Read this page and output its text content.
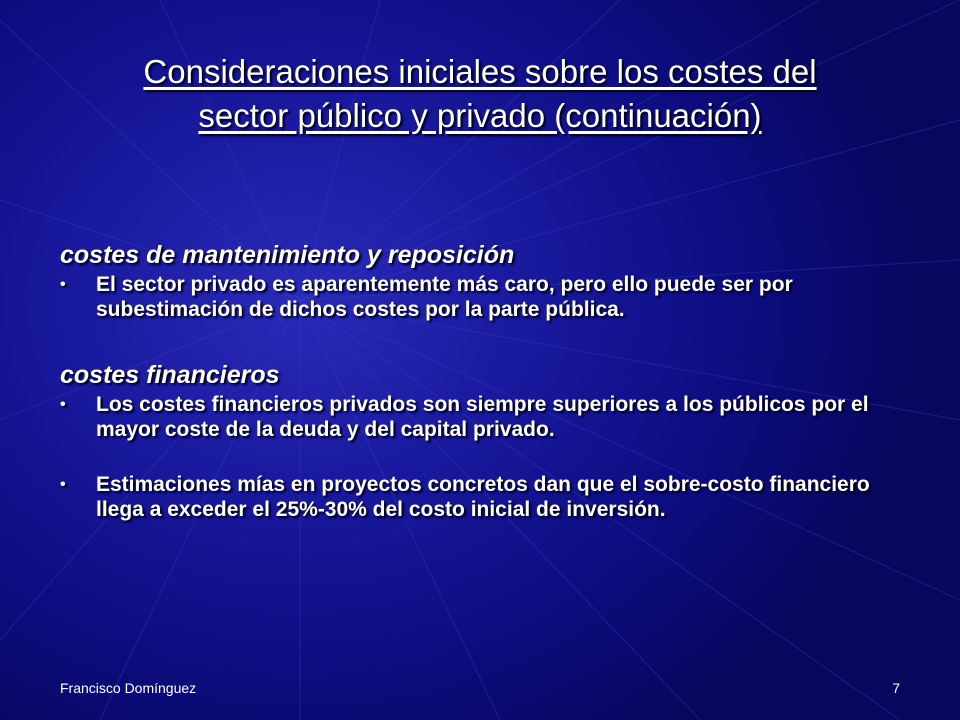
Consideraciones iniciales sobre los costes del
sector público y privado (continuación)

costes de mantenimiento y reposición

• El sector privado es aparentemente más caro, pero ello puede ser por subestimación de dichos costes por la parte pública.

costes financieros

• Los costes financieros privados son siempre superiores a los públicos por el mayor coste de la deuda y del capital privado.
• Estimaciones mías en proyectos concretos dan que el sobre-costo financiero llega a exceder el 25%-30% del costo inicial de inversión.
Francisco Domínguez	7
